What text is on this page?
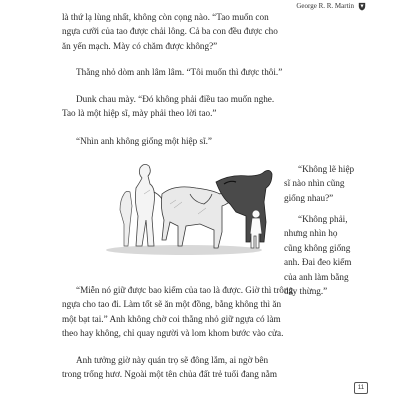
George R. R. Martin
là thứ lạ lùng nhất, không còn cọng nào. “Tao muốn con
ngựa cưỡi của tao được chải lông. Cả ba con đều được cho
ăn yến mạch. Mày có chăm được không?”
Thằng nhỏ dòm anh lâm lâm. “Tôi muốn thì được thôi.”
Dunk chau mày. “Đó không phải điều tao muốn nghe.
Tao là một hiệp sĩ, mày phải theo lời tao.”
“Nhìn anh không giống một hiệp sĩ.”
“Không lẽ hiệp
sĩ nào nhìn cũng
giống nhau?”
“Không phải,
nhưng nhìn họ
cũng không giống
anh. Đai đeo kiếm
của anh làm bằng
dây thừng.”
“Miễn nó giữ được bao kiếm của tao là được. Giờ thì trông
ngựa cho tao đi. Làm tốt sẽ ăn một đồng, bằng không thì ăn
một bạt tai.” Anh không chờ coi thằng nhỏ giữ ngựa có làm
theo hay không, chỉ quay người và lom khom bước vào cửa.
Anh tưởng giờ này quán trọ sẽ đông lắm, ai ngờ bên
trong trống hươ. Ngoài một tên chủa đất trẻ tuổi đang nằm
11
